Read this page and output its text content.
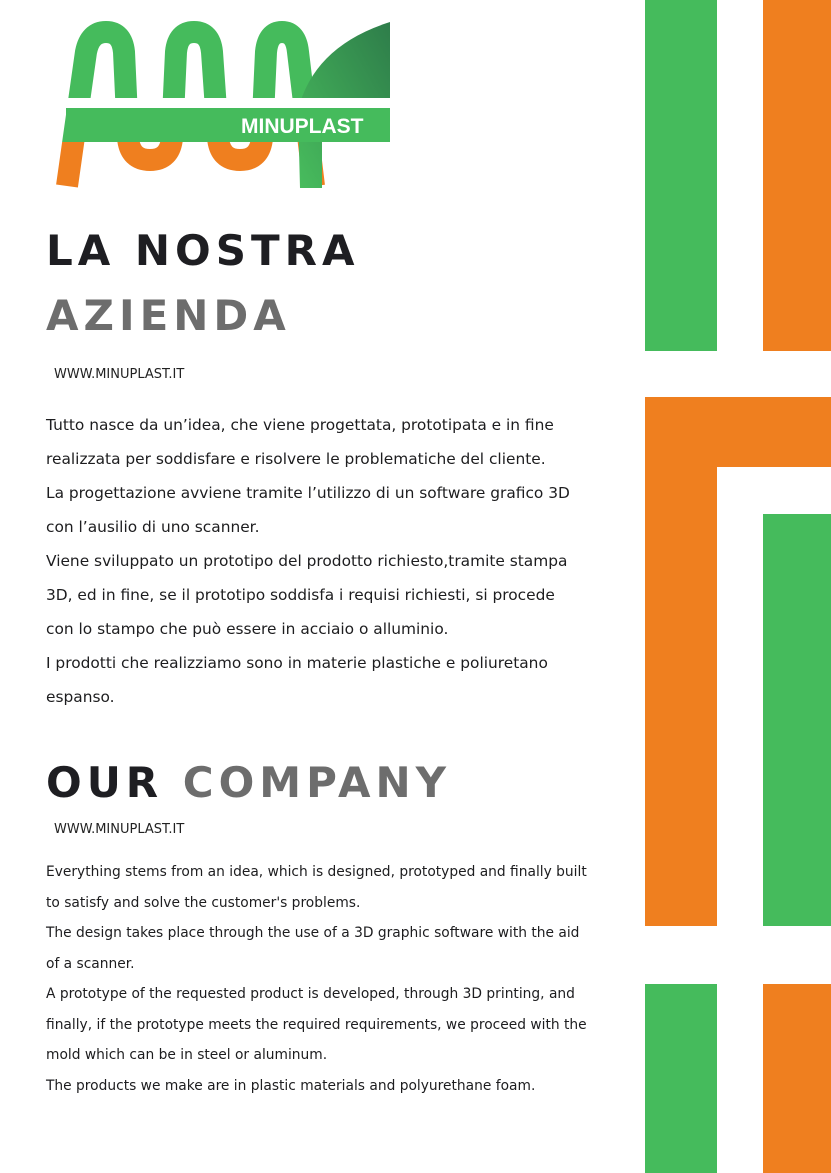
MINUPLAST
LA NOSTRA
AZIENDA

WWW.MINUPLAST.IT

Tutto nasce da un’idea, che viene progettata, prototipata e in fine
realizzata per soddisfare e risolvere le problematiche del cliente.
La progettazione avviene tramite l’utilizzo di un software grafico 3D
con l’ausilio di uno scanner.
Viene sviluppato un prototipo del prodotto richiesto,tramite stampa
3D, ed in fine, se il prototipo soddisfa i requisi richiesti, si procede
con lo stampo che può essere in acciaio o alluminio.
I prodotti che realizziamo sono in materie plastiche e poliuretano
espanso.

OUR COMPANY

WWW.MINUPLAST.IT

Everything stems from an idea, which is designed, prototyped and finally built
to satisfy and solve the customer's problems.
The design takes place through the use of a 3D graphic software with the aid
of a scanner.
A prototype of the requested product is developed, through 3D printing, and
finally, if the prototype meets the required requirements, we proceed with the
mold which can be in steel or aluminum.
The products we make are in plastic materials and polyurethane foam.
